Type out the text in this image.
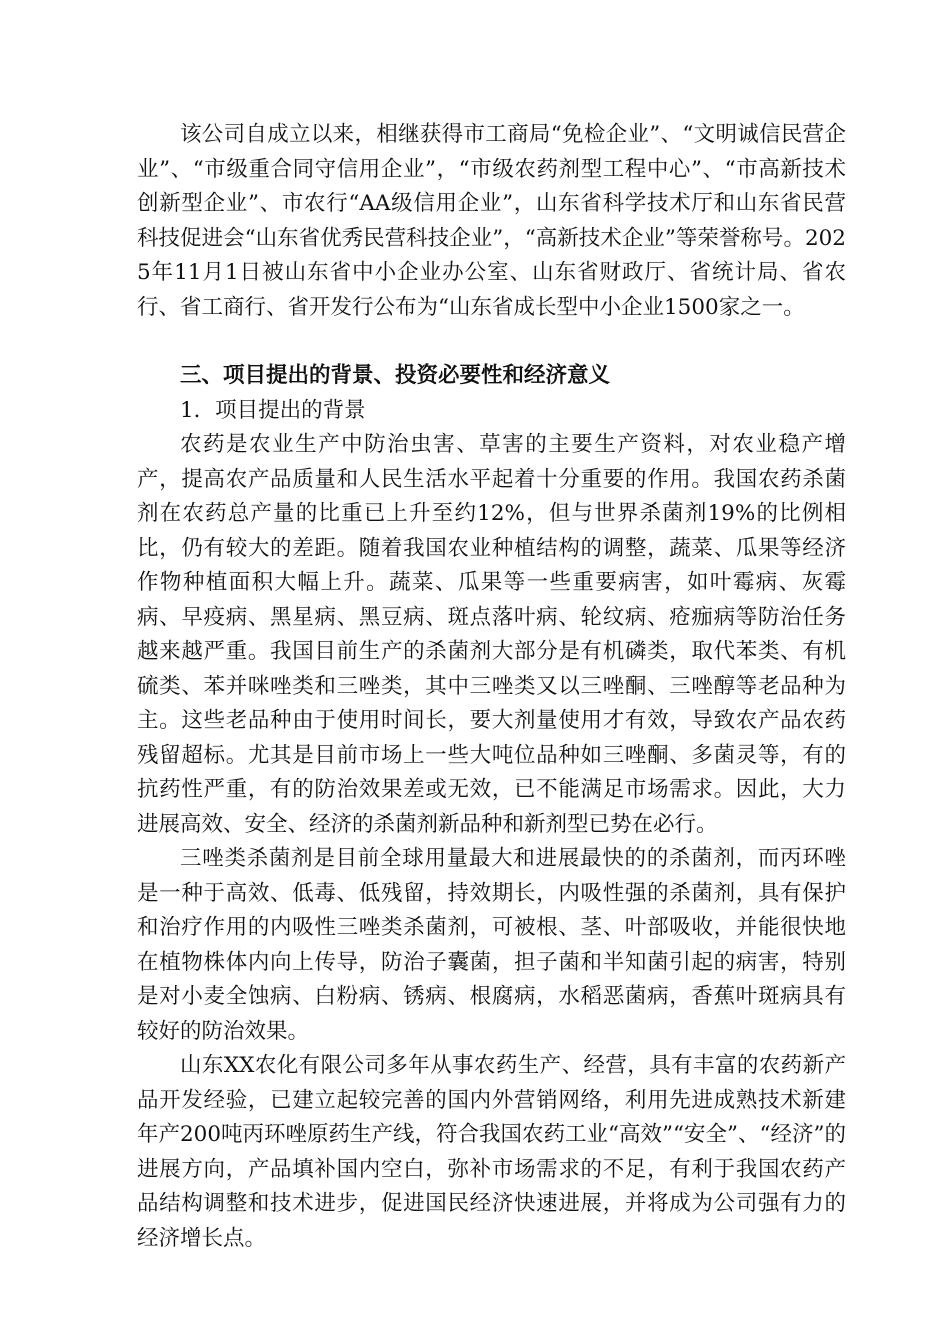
该公司自成立以来，相继获得市工商局“免检企业”、“文明诚信民营企业”、“市级重合同守信用企业”，“市级农药剂型工程中心”、“市高新技术创新型企业”、市农行“AA级信用企业”，山东省科学技术厅和山东省民营科技促进会“山东省优秀民营科技企业”，“高新技术企业”等荣誉称号。2025年11月1日被山东省中小企业办公室、山东省财政厅、省统计局、省农行、省工商行、省开发行公布为“山东省成长型中小企业1500家之一。

三、项目提出的背景、投资必要性和经济意义

1．项目提出的背景

农药是农业生产中防治虫害、草害的主要生产资料，对农业稳产增产，提高农产品质量和人民生活水平起着十分重要的作用。我国农药杀菌剂在农药总产量的比重已上升至约12%，但与世界杀菌剂19%的比例相比，仍有较大的差距。随着我国农业种植结构的调整，蔬菜、瓜果等经济作物种植面积大幅上升。蔬菜、瓜果等一些重要病害，如叶霉病、灰霉病、早疫病、黑星病、黑豆病、斑点落叶病、轮纹病、疮痂病等防治任务越来越严重。我国目前生产的杀菌剂大部分是有机磷类，取代苯类、有机硫类、苯并咪唑类和三唑类，其中三唑类又以三唑酮、三唑醇等老品种为主。这些老品种由于使用时间长，要大剂量使用才有效，导致农产品农药残留超标。尤其是目前市场上一些大吨位品种如三唑酮、多菌灵等，有的抗药性严重，有的防治效果差或无效，已不能满足市场需求。因此，大力进展高效、安全、经济的杀菌剂新品种和新剂型已势在必行。

三唑类杀菌剂是目前全球用量最大和进展最快的的杀菌剂，而丙环唑是一种于高效、低毒、低残留，持效期长，内吸性强的杀菌剂，具有保护和治疗作用的内吸性三唑类杀菌剂，可被根、茎、叶部吸收，并能很快地在植物株体内向上传导，防治子囊菌，担子菌和半知菌引起的病害，特别是对小麦全蚀病、白粉病、锈病、根腐病，水稻恶菌病，香蕉叶斑病具有较好的防治效果。

山东XX农化有限公司多年从事农药生产、经营，具有丰富的农药新产品开发经验，已建立起较完善的国内外营销网络，利用先进成熟技术新建年产200吨丙环唑原药生产线，符合我国农药工业“高效”“安全”、“经济”的进展方向，产品填补国内空白，弥补市场需求的不足，有利于我国农药产品结构调整和技术进步，促进国民经济快速进展，并将成为公司强有力的经济增长点。
